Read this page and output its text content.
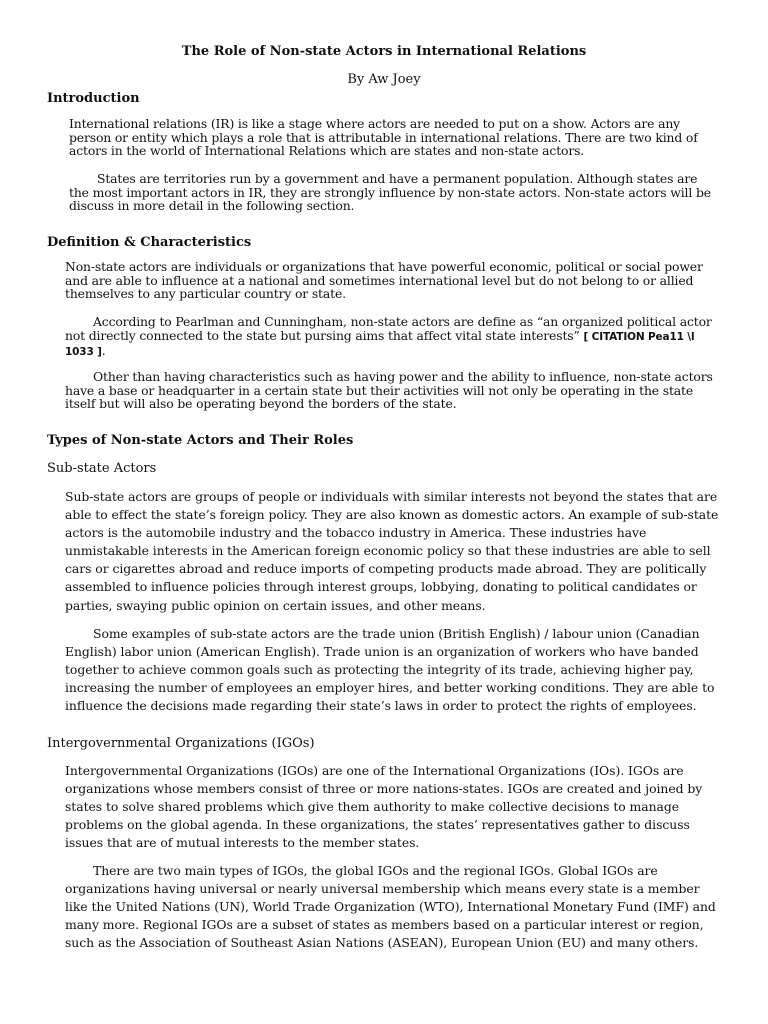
The Role of Non-state Actors in International Relations
By Aw Joey
Introduction

International relations (IR) is like a stage where actors are needed to put on a show. Actors are any person or entity which plays a role that is attributable in international relations. There are two kind of actors in the world of International Relations which are states and non-state actors.

States are territories run by a government and have a permanent population. Although states are the most important actors in IR, they are strongly influence by non-state actors. Non-state actors will be discuss in more detail in the following section.

Definition & Characteristics

Non-state actors are individuals or organizations that have powerful economic, political or social power and are able to influence at a national and sometimes international level but do not belong to or allied themselves to any particular country or state.

According to Pearlman and Cunningham, non-state actors are define as “an organized political actor not directly connected to the state but pursing aims that affect vital state interests” [ CITATION Pea11 \l 1033 ].

Other than having characteristics such as having power and the ability to influence, non-state actors have a base or headquarter in a certain state but their activities will not only be operating in the state itself but will also be operating beyond the borders of the state.

Types of Non-state Actors and Their Roles
Sub-state Actors

Sub-state actors are groups of people or individuals with similar interests not beyond the states that are able to effect the state’s foreign policy. They are also known as domestic actors. An example of sub-state actors is the automobile industry and the tobacco industry in America. These industries have unmistakable interests in the American foreign economic policy so that these industries are able to sell cars or cigarettes abroad and reduce imports of competing products made abroad. They are politically assembled to influence policies through interest groups, lobbying, donating to political candidates or parties, swaying public opinion on certain issues, and other means.

Some examples of sub-state actors are the trade union (British English) / labour union (Canadian English) labor union (American English). Trade union is an organization of workers who have banded together to achieve common goals such as protecting the integrity of its trade, achieving higher pay, increasing the number of employees an employer hires, and better working conditions. They are able to influence the decisions made regarding their state’s laws in order to protect the rights of employees.

Intergovernmental Organizations (IGOs)

Intergovernmental Organizations (IGOs) are one of the International Organizations (IOs). IGOs are organizations whose members consist of three or more nations-states. IGOs are created and joined by states to solve shared problems which give them authority to make collective decisions to manage problems on the global agenda. In these organizations, the states’ representatives gather to discuss issues that are of mutual interests to the member states.

There are two main types of IGOs, the global IGOs and the regional IGOs. Global IGOs are organizations having universal or nearly universal membership which means every state is a member like the United Nations (UN), World Trade Organization (WTO), International Monetary Fund (IMF) and many more. Regional IGOs are a subset of states as members based on a particular interest or region, such as the Association of Southeast Asian Nations (ASEAN), European Union (EU) and many others.
